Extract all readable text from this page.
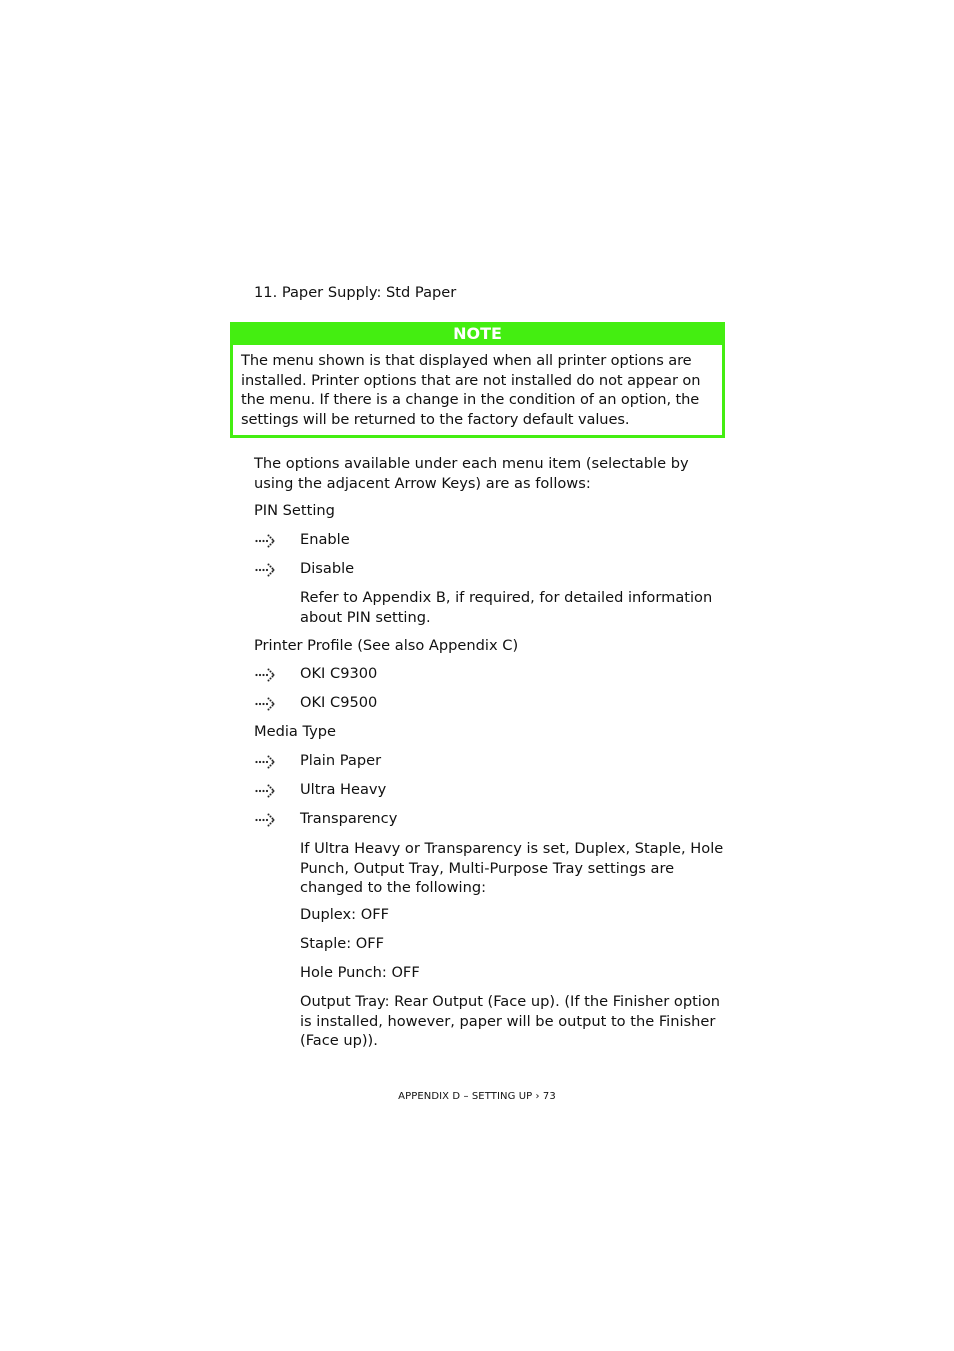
11. Paper Supply: Std Paper
NOTE
The menu shown is that displayed when all printer options are installed. Printer options that are not installed do not appear on the menu. If there is a change in the condition of an option, the settings will be returned to the factory default values.
The options available under each menu item (selectable by using the adjacent Arrow Keys) are as follows:
PIN Setting
Enable
Disable
Refer to Appendix B, if required, for detailed information about PIN setting.
Printer Profile (See also Appendix C)
OKI C9300
OKI C9500
Media Type
Plain Paper
Ultra Heavy
Transparency
If Ultra Heavy or Transparency is set, Duplex, Staple, Hole Punch, Output Tray, Multi-Purpose Tray settings are changed to the following:
Duplex: OFF
Staple: OFF
Hole Punch: OFF
Output Tray: Rear Output (Face up). (If the Finisher option is installed, however, paper will be output to the Finisher (Face up)).
APPENDIX D – SETTING UP › 73
